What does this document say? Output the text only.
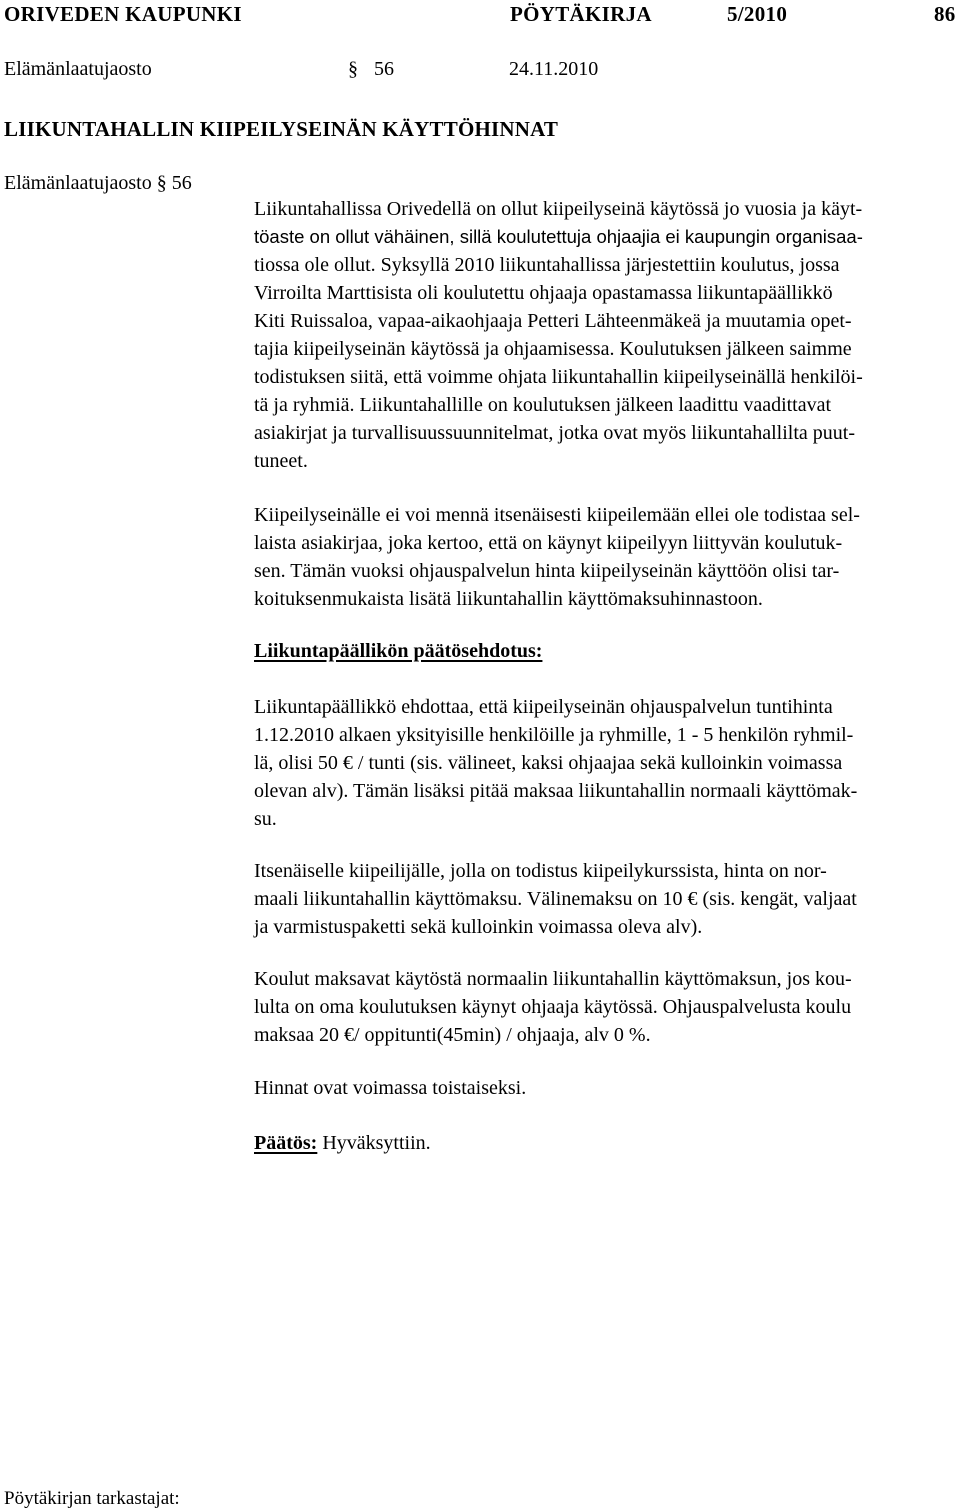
ORIVEDEN KAUPUNKI	PÖYTÄKIRJA	5/2010	86
Elämänlaatujaosto	§ 56	24.11.2010
LIIKUNTAHALLIN KIIPEILYSEINÄN KÄYTTÖHINNAT
Elämänlaatujaosto § 56
Liikuntahallissa Orivedellä on ollut kiipeilyseinä käytössä jo vuosia ja käyt-
töaste on ollut vähäinen, sillä koulutettuja ohjaajia ei kaupungin organisaa-
tiossa ole ollut. Syksyllä 2010 liikuntahallissa järjestettiin koulutus, jossa
Virroilta Marttisista oli koulutettu ohjaaja opastamassa liikuntapäällikkö
Kiti Ruissaloa, vapaa-aikaohjaaja Petteri Lähteenmäkeä ja muutamia opet-
tajia kiipeilyseinän käytössä ja ohjaamisessa. Koulutuksen jälkeen saimme
todistuksen siitä, että voimme ohjata liikuntahallin kiipeilyseinällä henkilöi-
tä ja ryhmiä. Liikuntahallille on koulutuksen jälkeen laadittu vaadittavat
asiakirjat ja turvallisuussuunnitelmat, jotka ovat myös liikuntahallilta puut-
tuneet.
Kiipeilyseinälle ei voi mennä itsenäisesti kiipeilemään ellei ole todistaa sel-
laista asiakirjaa, joka kertoo, että on käynyt kiipeilyyn liittyvän koulutuk-
sen. Tämän vuoksi ohjauspalvelun hinta kiipeilyseinän käyttöön olisi tar-
koituksenmukaista lisätä liikuntahallin käyttömaksuhinnastoon.
Liikuntapäällikön päätösehdotus:
Liikuntapäällikkö ehdottaa, että kiipeilyseinän ohjauspalvelun tuntihinta
1.12.2010 alkaen yksityisille henkilöille ja ryhmille, 1 - 5 henkilön ryhmil-
lä, olisi 50 € / tunti (sis. välineet, kaksi ohjaajaa sekä kulloinkin voimassa
olevan alv). Tämän lisäksi pitää maksaa liikuntahallin normaali käyttömak-
su.
Itsenäiselle kiipeilijälle, jolla on todistus kiipeilykurssista, hinta on nor-
maali liikuntahallin käyttömaksu. Välinemaksu on 10 € (sis. kengät, valjaat
ja varmistuspaketti sekä kulloinkin voimassa oleva alv).
Koulut maksavat käytöstä normaalin liikuntahallin käyttömaksun, jos kou-
lulta on oma koulutuksen käynyt ohjaaja käytössä. Ohjauspalvelusta koulu
maksaa 20 €/ oppitunti(45min) / ohjaaja, alv 0 %.
Hinnat ovat voimassa toistaiseksi.
Päätös: Hyväksyttiin.
Pöytäkirjan tarkastajat:
